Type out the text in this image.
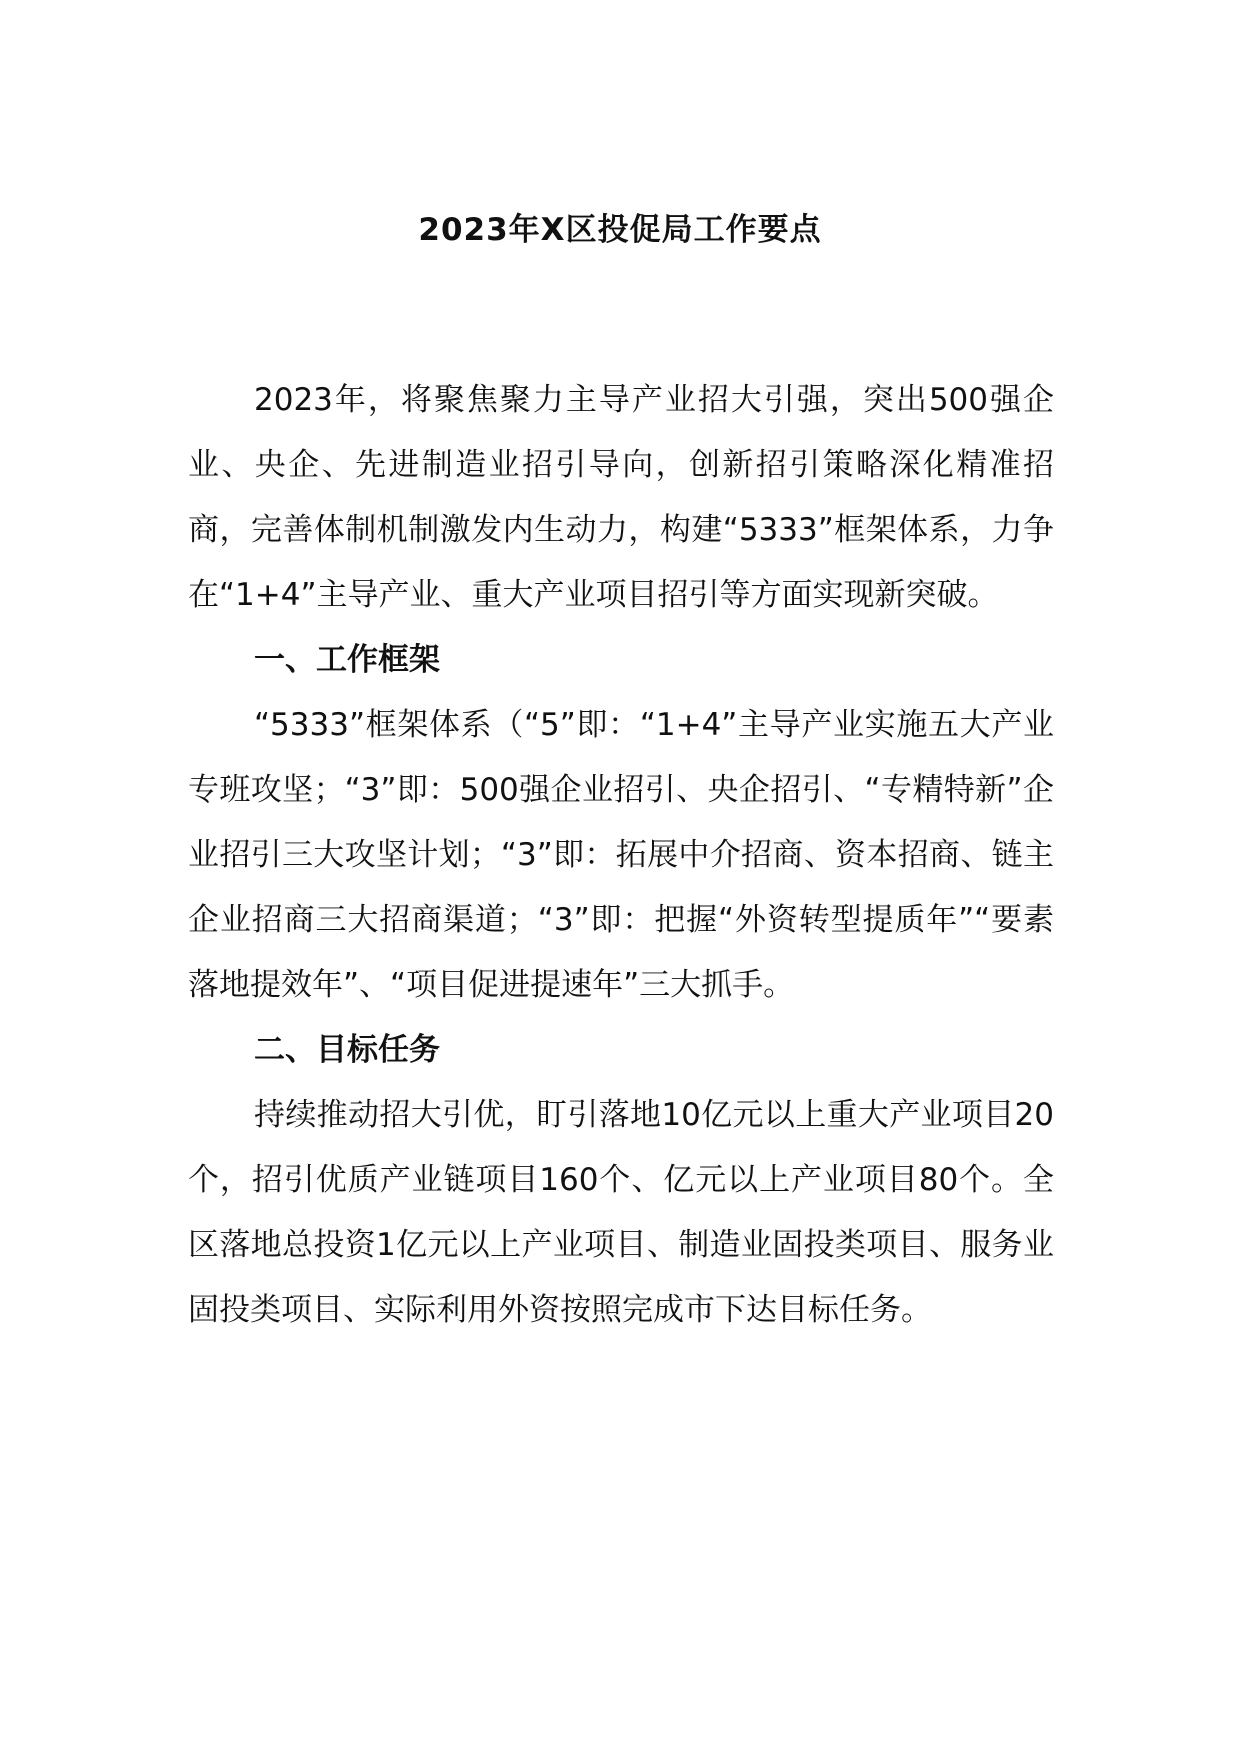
2023年X区投促局工作要点

2023年，将聚焦聚力主导产业招大引强，突出500强企业、央企、先进制造业招引导向，创新招引策略深化精准招商，完善体制机制激发内生动力，构建“5333”框架体系，力争在“1+4”主导产业、重大产业项目招引等方面实现新突破。

一、工作框架

“5333”框架体系（“5”即：“1+4”主导产业实施五大产业专班攻坚；“3”即：500强企业招引、央企招引、“专精特新”企业招引三大攻坚计划；“3”即：拓展中介招商、资本招商、链主企业招商三大招商渠道；“3”即：把握“外资转型提质年”“要素落地提效年”、“项目促进提速年”三大抓手。

二、目标任务

持续推动招大引优，盯引落地10亿元以上重大产业项目20个，招引优质产业链项目160个、亿元以上产业项目80个。全区落地总投资1亿元以上产业项目、制造业固投类项目、服务业固投类项目、实际利用外资按照完成市下达目标任务。
